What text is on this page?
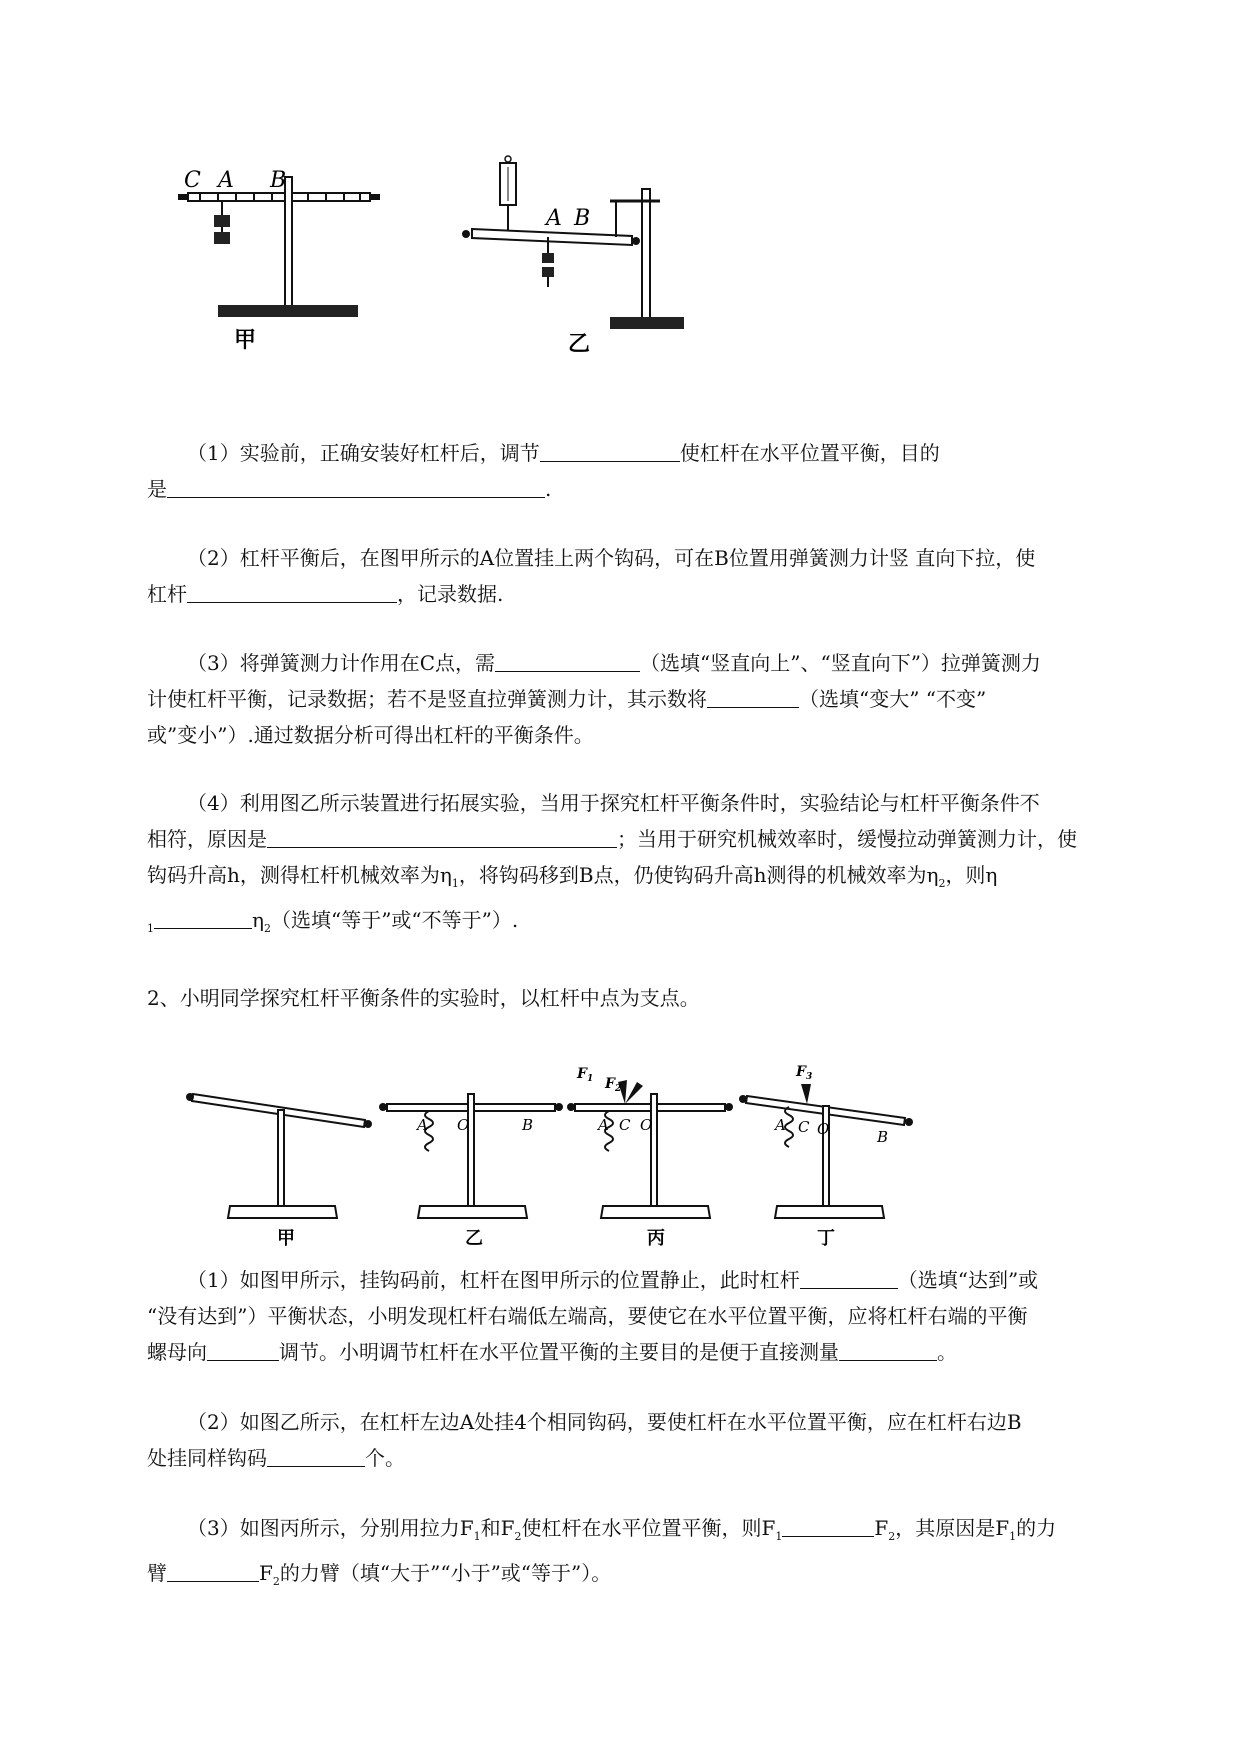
C A B
甲
A B
乙

（1）实验前，正确安装好杠杆后，调节	使杠杆在水平位置平衡，目的
是	.

（2）杠杆平衡后，在图甲所示的A位置挂上两个钩码，可在B位置用弹簧测力计竖 直向下拉，使
杠杆	，记录数据.

（3）将弹簧测力计作用在C点，需	（选填“竖直向上”、“竖直向下”）拉弹簧测力
计使杠杆平衡，记录数据；若不是竖直拉弹簧测力计，其示数将	（选填“变大” “不变”
或”变小”）.通过数据分析可得出杠杆的平衡条件。

（4）利用图乙所示装置进行拓展实验，当用于探究杠杆平衡条件时，实验结论与杠杆平衡条件不
相符，原因是	；当用于研究机械效率时，缓慢拉动弹簧测力计，使
钩码升高h，测得杠杆机械效率为$\eta_1$，将钩码移到B点，仍使钩码升高h测得的机械效率为$\eta_2$，则η
$_1$	$\eta_2$（选填“等于”或“不等于”）.

2、小明同学探究杠杆平衡条件的实验时，以杠杆中点为支点。

甲
A O	B
乙
$F_1$ $F_2$
A C O
丙
$F_3$
A C O	B
丁

（1）如图甲所示，挂钩码前，杠杆在图甲所示的位置静止，此时杠杆	（选填“达到”或
“没有达到”）平衡状态，小明发现杠杆右端低左端高，要使它在水平位置平衡，应将杠杆右端的平衡
螺母向	调节。小明调节杠杆在水平位置平衡的主要目的是便于直接测量	。

（2）如图乙所示，在杠杆左边A处挂4个相同钩码，要使杠杆在水平位置平衡，应在杠杆右边B
处挂同样钩码	个。

（3）如图丙所示，分别用拉力$F_1$和$F_2$使杠杆在水平位置平衡，则$F_1$	$F_2$，其原因是$F_1$的力
臂	$F_2$的力臂（填“大于”“小于”或“等于”）。
